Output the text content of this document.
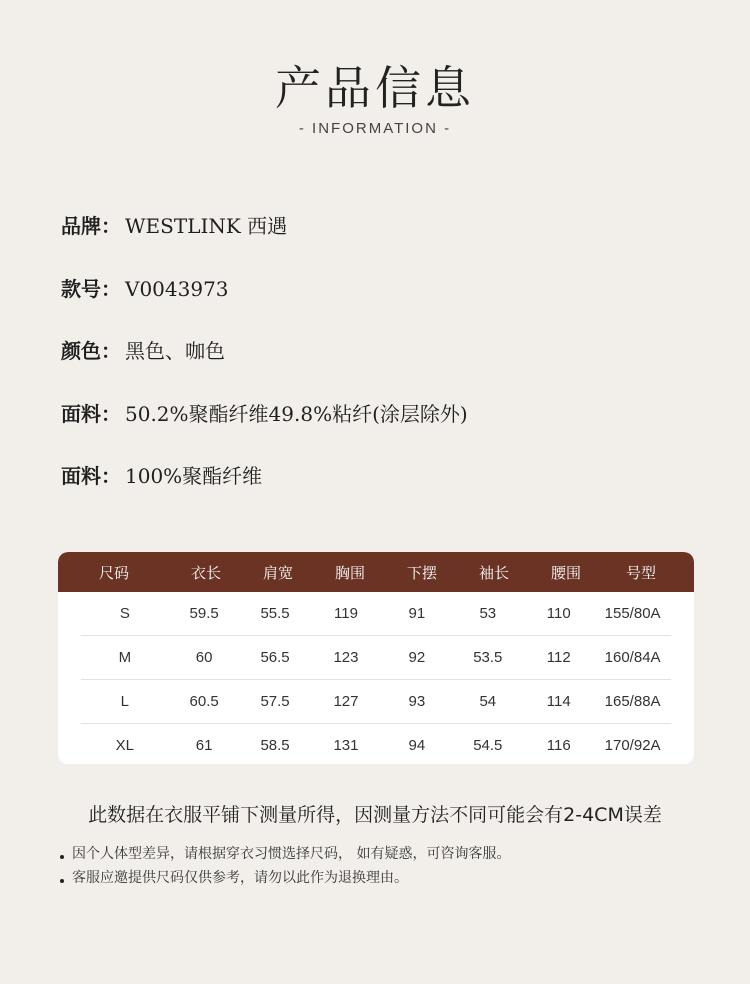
产品信息
- INFORMATION -
品牌： WESTLINK 西遇
款号： V0043973
颜色： 黑色、咖色
面料： 50.2%聚酯纤维49.8%粘纤(涂层除外)
面料： 100%聚酯纤维
尺码	衣长	肩宽	胸围	下摆	袖长	腰围	号型
S	59.5	55.5	119	91	53	110	155/80A
M	60	56.5	123	92	53.5	112	160/84A
L	60.5	57.5	127	93	54	114	165/88A
XL	61	58.5	131	94	54.5	116	170/92A
此数据在衣服平铺下测量所得，因测量方法不同可能会有2-4CM误差
因个人体型差异，请根据穿衣习惯选择尺码， 如有疑惑，可咨询客服。
客服应邀提供尺码仅供参考，请勿以此作为退换理由。
